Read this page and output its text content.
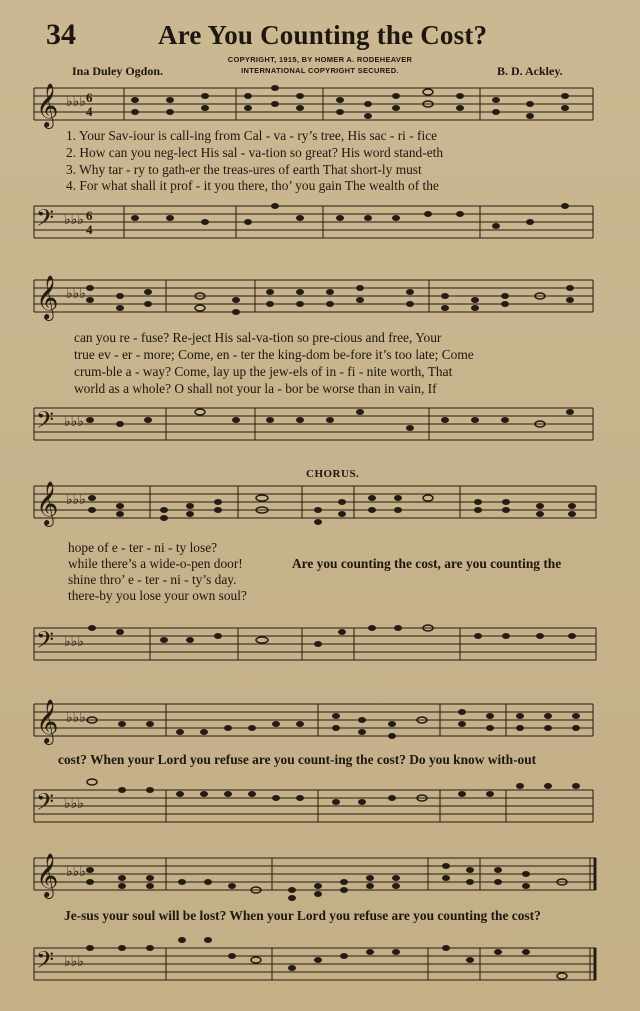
34	Are You Counting the Cost?
COPYRIGHT, 1915, BY HOMER A. RODEHEAVER
INTERNATIONAL COPYRIGHT SECURED.
Ina Duley Ogdon.	B. D. Ackley.
𝄞 ♭♭♭ 6
4
1. Your Sav-iour is call-ing from Cal - va - ry’s tree, His sac - ri - fice
2. How can you neg-lect His sal - va-tion so great? His word stand-eth
3. Why tar - ry to gath-er the treas-ures of earth That short-ly must
4. For what shall it prof - it you there, tho’ you gain The wealth of the
𝄢 ♭♭♭ 6
4
𝄞 ♭♭♭
can you re - fuse? Re-ject His sal-va-tion so pre-cious and free, Your
true ev - er - more; Come, en - ter the king-dom be-fore it’s too late; Come
crum-ble a - way? Come, lay up the jew-els of in - fi - nite worth, That
world as a whole? O shall not your la - bor be worse than in vain, If
𝄢 ♭♭♭
CHORUS.
𝄞 ♭♭♭
hope of e - ter - ni - ty lose?
while there’s a wide-o-pen door!	Are you counting the cost, are you counting the
shine thro’ e - ter - ni - ty’s day.
there-by you lose your own soul?
𝄢 ♭♭♭
𝄞 ♭♭♭
cost? When your Lord you refuse are you count-ing the cost? Do you know with-out
𝄢 ♭♭♭
𝄞 ♭♭♭
Je-sus your soul will be lost? When your Lord you refuse are you counting the cost?
𝄢 ♭♭♭
